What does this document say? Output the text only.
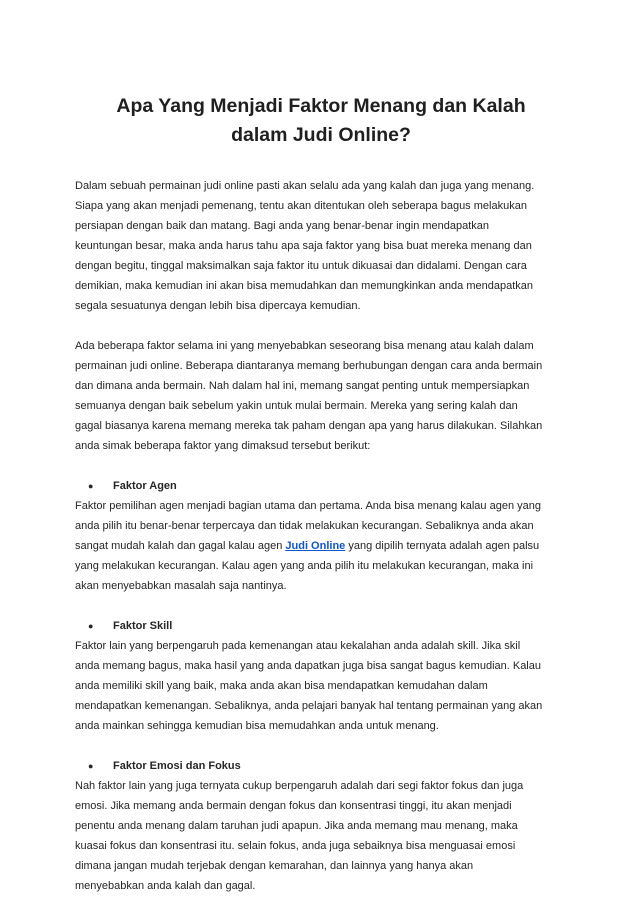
Apa Yang Menjadi Faktor Menang dan Kalah
dalam Judi Online?

Dalam sebuah permainan judi online pasti akan selalu ada yang kalah dan juga yang menang.

Siapa yang akan menjadi pemenang, tentu akan ditentukan oleh seberapa bagus melakukan

persiapan dengan baik dan matang. Bagi anda yang benar-benar ingin mendapatkan

keuntungan besar, maka anda harus tahu apa saja faktor yang bisa buat mereka menang dan

dengan begitu, tinggal maksimalkan saja faktor itu untuk dikuasai dan didalami. Dengan cara

demikian, maka kemudian ini akan bisa memudahkan dan memungkinkan anda mendapatkan

segala sesuatunya dengan lebih bisa dipercaya kemudian.

Ada beberapa faktor selama ini yang menyebabkan seseorang bisa menang atau kalah dalam

permainan judi online. Beberapa diantaranya memang berhubungan dengan cara anda bermain

dan dimana anda bermain. Nah dalam hal ini, memang sangat penting untuk mempersiapkan

semuanya dengan baik sebelum yakin untuk mulai bermain. Mereka yang sering kalah dan

gagal biasanya karena memang mereka tak paham dengan apa yang harus dilakukan. Silahkan

anda simak beberapa faktor yang dimaksud tersebut berikut:

●	Faktor Agen

Faktor pemilihan agen menjadi bagian utama dan pertama. Anda bisa menang kalau agen yang

anda pilih itu benar-benar terpercaya dan tidak melakukan kecurangan. Sebaliknya anda akan

sangat mudah kalah dan gagal kalau agen Judi Online yang dipilih ternyata adalah agen palsu

yang melakukan kecurangan. Kalau agen yang anda pilih itu melakukan kecurangan, maka ini

akan menyebabkan masalah saja nantinya.

●	Faktor Skill

Faktor lain yang berpengaruh pada kemenangan atau kekalahan anda adalah skill. Jika skil

anda memang bagus, maka hasil yang anda dapatkan juga bisa sangat bagus kemudian. Kalau

anda memiliki skill yang baik, maka anda akan bisa mendapatkan kemudahan dalam

mendapatkan kemenangan. Sebaliknya, anda pelajari banyak hal tentang permainan yang akan

anda mainkan sehingga kemudian bisa memudahkan anda untuk menang.

●	Faktor Emosi dan Fokus

Nah faktor lain yang juga ternyata cukup berpengaruh adalah dari segi faktor fokus dan juga

emosi. Jika memang anda bermain dengan fokus dan konsentrasi tinggi, itu akan menjadi

penentu anda menang dalam taruhan judi apapun. Jika anda memang mau menang, maka

kuasai fokus dan konsentrasi itu. selain fokus, anda juga sebaiknya bisa menguasai emosi

dimana jangan mudah terjebak dengan kemarahan, dan lainnya yang hanya akan

menyebabkan anda kalah dan gagal.
